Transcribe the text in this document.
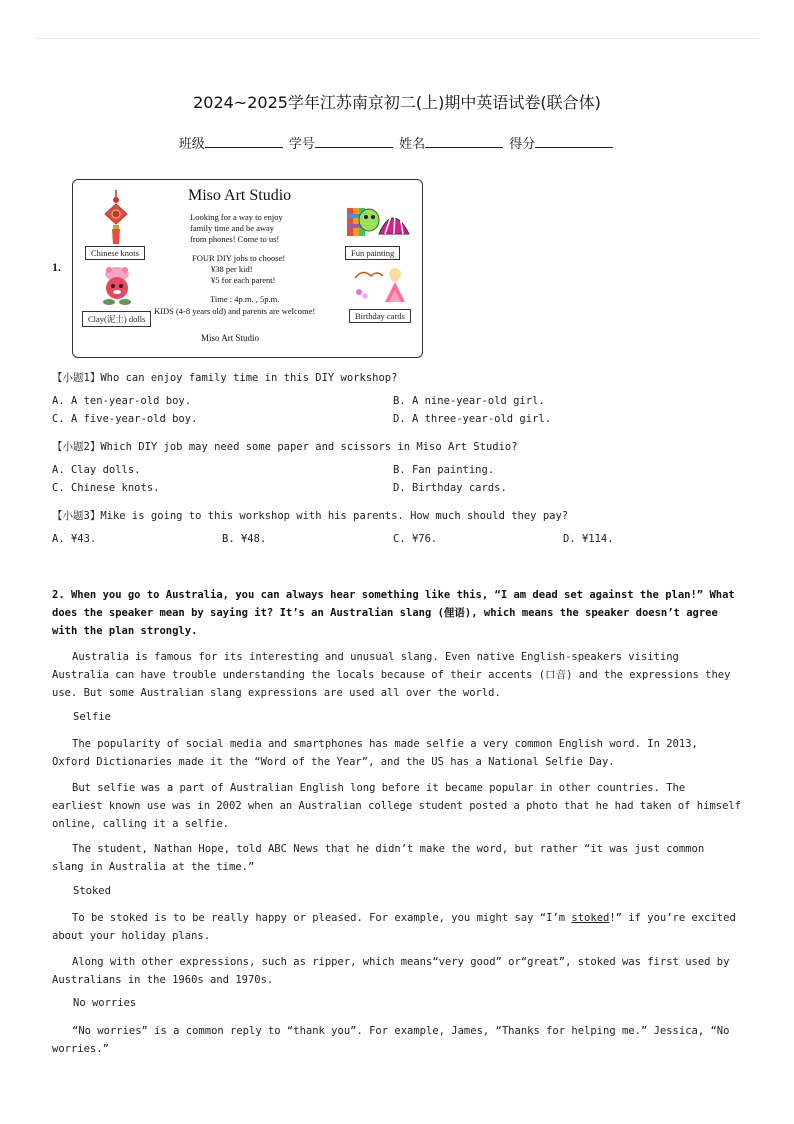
2024~2025学年江苏南京初二(上)期中英语试卷(联合体)
班级	学号	姓名	得分
1.
Chinese knots
Clay(泥土) dolls
Miso Art Studio
Looking for a way to enjoy
family time and be away
from phones! Come to us!
FOUR DIY jobs to choose!
¥38 per kid!
¥5 for each parent!
Time : 4p.m. , 5p.m.
KIDS (4-8 years old) and parents are welcome!
Miso Art Studio
Fun painting
Birthday cards
【小题1】Who can enjoy family time in this DIY workshop?
A. A ten-year-old boy.	B. A nine-year-old girl.
C. A five-year-old boy.	D. A three-year-old girl.
【小题2】Which DIY job may need some paper and scissors in Miso Art Studio?
A. Clay dolls.	B. Fan painting.
C. Chinese knots.	D. Birthday cards.
【小题3】Mike is going to this workshop with his parents. How much should they pay?
A. ¥43.	B. ¥48.	C. ¥76.	D. ¥114.
2. When you go to Australia, you can always hear something like this, “I am dead set against the plan!” What does the speaker mean by saying it? It’s an Australian slang (俚语), which means the speaker doesn’t agree with the plan strongly.
Australia is famous for its interesting and unusual slang. Even native English-speakers visiting Australia can have trouble understanding the locals because of their accents (口音) and the expressions they use. But some Australian slang expressions are used all over the world.
Selfie
The popularity of social media and smartphones has made selfie a very common English word. In 2013, Oxford Dictionaries made it the “Word of the Year”, and the US has a National Selfie Day.
But selfie was a part of Australian English long before it became popular in other countries. The earliest known use was in 2002 when an Australian college student posted a photo that he had taken of himself online, calling it a selfie.
The student, Nathan Hope, told ABC News that he didn’t make the word, but rather “it was just common slang in Australia at the time.”
Stoked
To be stoked is to be really happy or pleased. For example, you might say “I’m stoked!” if you’re excited about your holiday plans.
Along with other expressions, such as ripper, which means“very good” or“great”, stoked was first used by Australians in the 1960s and 1970s.
No worries
“No worries” is a common reply to “thank you”. For example, James, “Thanks for helping me.” Jessica, “No worries.”
